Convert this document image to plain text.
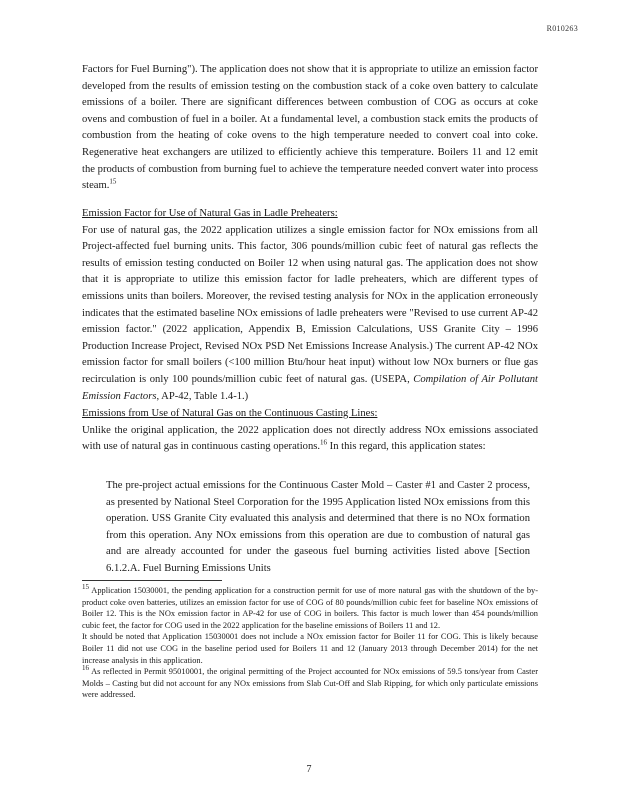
R010263

Factors for Fuel Burning"). The application does not show that it is appropriate to utilize an emission factor developed from the results of emission testing on the combustion stack of a coke oven battery to calculate emissions of a boiler. There are significant differences between combustion of COG as occurs at coke ovens and combustion of fuel in a boiler. At a fundamental level, a combustion stack emits the products of combustion from the heating of coke ovens to the high temperature needed to convert coal into coke. Regenerative heat exchangers are utilized to efficiently achieve this temperature. Boilers 11 and 12 emit the products of combustion from burning fuel to achieve the temperature needed convert water into process steam.$^{15}$

Emission Factor for Use of Natural Gas in Ladle Preheaters:
For use of natural gas, the 2022 application utilizes a single emission factor for NOx emissions from all Project-affected fuel burning units. This factor, 306 pounds/million cubic feet of natural gas reflects the results of emission testing conducted on Boiler 12 when using natural gas. The application does not show that it is appropriate to utilize this emission factor for ladle preheaters, which are different types of emissions units than boilers. Moreover, the revised testing analysis for NOx in the application erroneously indicates that the estimated baseline NOx emissions of ladle preheaters were "Revised to use current AP-42 emission factor." (2022 application, Appendix B, Emission Calculations, USS Granite City – 1996 Production Increase Project, Revised NOx PSD Net Emissions Increase Analysis.) The current AP-42 NOx emission factor for small boilers (<100 million Btu/hour heat input) without low NOx burners or flue gas recirculation is only 100 pounds/million cubic feet of natural gas. (USEPA, Compilation of Air Pollutant Emission Factors, AP-42, Table 1.4-1.)

Emissions from Use of Natural Gas on the Continuous Casting Lines:
Unlike the original application, the 2022 application does not directly address NOx emissions associated with use of natural gas in continuous casting operations.$^{16}$ In this regard, this application states:

The pre-project actual emissions for the Continuous Caster Mold – Caster #1 and Caster 2 process, as presented by National Steel Corporation for the 1995 Application listed NOx emissions from this operation. USS Granite City evaluated this analysis and determined that there is no NOx formation from this operation. Any NOx emissions from this operation are due to combustion of natural gas and are already accounted for under the gaseous fuel burning activities listed above [Section 6.1.2.A. Fuel Burning Emissions Units

$^{15}$ Application 15030001, the pending application for a construction permit for use of more natural gas with the shutdown of the by-product coke oven batteries, utilizes an emission factor for use of COG of 80 pounds/million cubic feet for baseline NOx emissions of Boiler 12. This is the NOx emission factor in AP-42 for use of COG in boilers. This factor is much lower than 454 pounds/million cubic feet, the factor for COG used in the 2022 application for the baseline emissions of Boilers 11 and 12.

It should be noted that Application 15030001 does not include a NOx emission factor for Boiler 11 for COG. This is likely because Boiler 11 did not use COG in the baseline period used for Boilers 11 and 12 (January 2013 through December 2014) for the net increase analysis in this application.

$^{16}$ As reflected in Permit 95010001, the original permitting of the Project accounted for NOx emissions of 59.5 tons/year from Caster Molds – Casting but did not account for any NOx emissions from Slab Cut-Off and Slab Ripping, for which only particulate emissions were addressed.

7
